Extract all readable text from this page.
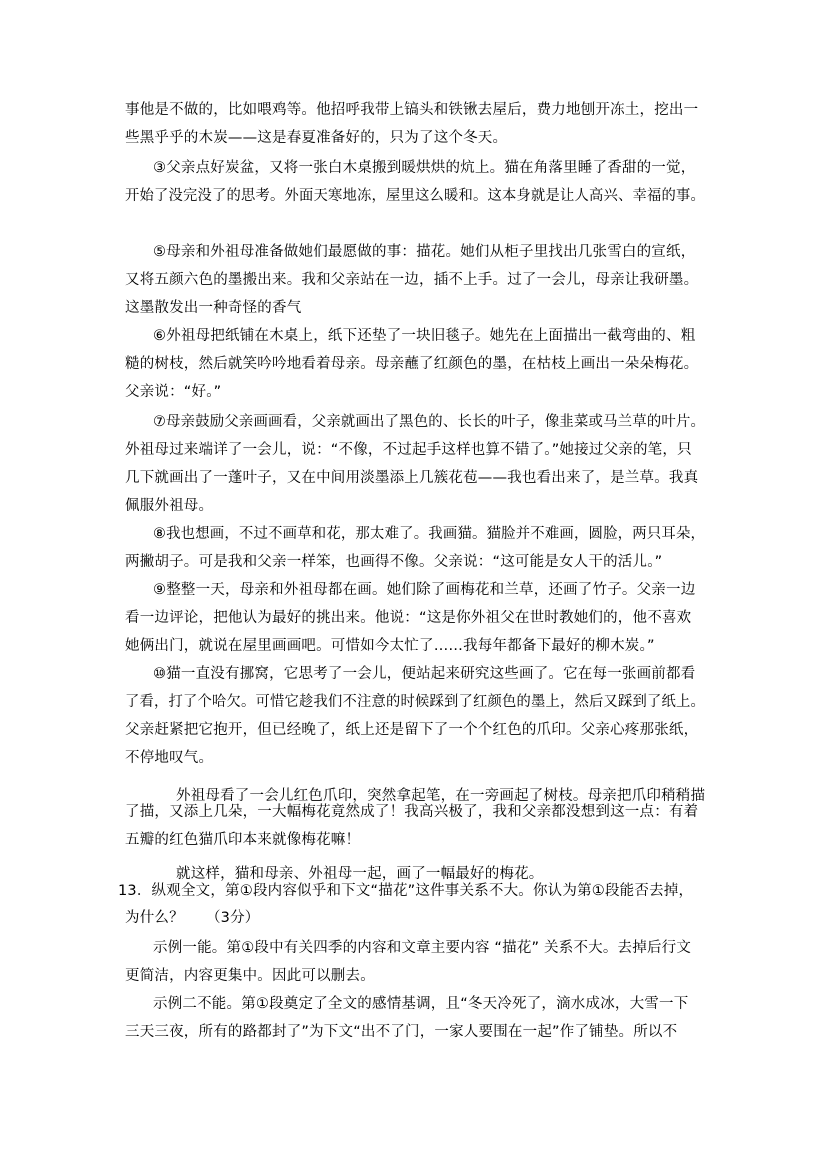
事他是不做的，比如喂鸡等。他招呼我带上镐头和铁锹去屋后，费力地刨开冻土，挖出一
些黑乎乎的木炭——这是春夏准备好的，只为了这个冬天。
③父亲点好炭盆，又将一张白木桌搬到暖烘烘的炕上。猫在角落里睡了香甜的一觉，
开始了没完没了的思考。外面天寒地冻，屋里这么暖和。这本身就是让人高兴、幸福的事。
⑤母亲和外祖母准备做她们最愿做的事：描花。她们从柜子里找出几张雪白的宣纸，
又将五颜六色的墨搬出来。我和父亲站在一边，插不上手。过了一会儿，母亲让我研墨。
这墨散发出一种奇怪的香气
⑥外祖母把纸铺在木桌上，纸下还垫了一块旧毯子。她先在上面描出一截弯曲的、粗
糙的树枝，然后就笑吟吟地看着母亲。母亲蘸了红颜色的墨，在枯枝上画出一朵朵梅花。
父亲说：“好。”
⑦母亲鼓励父亲画画看，父亲就画出了黑色的、长长的叶子，像韭菜或马兰草的叶片。
外祖母过来端详了一会儿，说：“不像，不过起手这样也算不错了。”她接过父亲的笔，只
几下就画出了一蓬叶子，又在中间用淡墨添上几簇花苞——我也看出来了，是兰草。我真
佩服外祖母。
⑧我也想画，不过不画草和花，那太难了。我画猫。猫脸并不难画，圆脸，两只耳朵，
两撇胡子。可是我和父亲一样笨，也画得不像。父亲说：“这可能是女人干的活儿。”
⑨整整一天，母亲和外祖母都在画。她们除了画梅花和兰草，还画了竹子。父亲一边
看一边评论，把他认为最好的挑出来。他说：“这是你外祖父在世时教她们的，他不喜欢
她俩出门，就说在屋里画画吧。可惜如今太忙了……我每年都备下最好的柳木炭。”
⑩猫一直没有挪窝，它思考了一会儿，便站起来研究这些画了。它在每一张画前都看
了看，打了个哈欠。可惜它趁我们不注意的时候踩到了红颜色的墨上，然后又踩到了纸上。
父亲赶紧把它抱开，但已经晚了，纸上还是留下了一个个红色的爪印。父亲心疼那张纸，
不停地叹气。
外祖母看了一会儿红色爪印，突然拿起笔，在一旁画起了树枝。母亲把爪印稍稍描
了描，又添上几朵，一大幅梅花竟然成了！我高兴极了，我和父亲都没想到这一点：有着
五瓣的红色猫爪印本来就像梅花嘛！
就这样，猫和母亲、外祖母一起，画了一幅最好的梅花。
13．纵观全文，第①段内容似乎和下文“描花”这件事关系不大。你认为第①段能否去掉，
为什么？　　（3分）
示例一能。第①段中有关四季的内容和文章主要内容 “描花” 关系不大。去掉后行文
更简洁，内容更集中。因此可以删去。
示例二不能。第①段奠定了全文的感情基调，且“冬天冷死了，滴水成冰，大雪一下
三天三夜，所有的路都封了”为下文“出不了门，一家人要围在一起”作了铺垫。所以不
